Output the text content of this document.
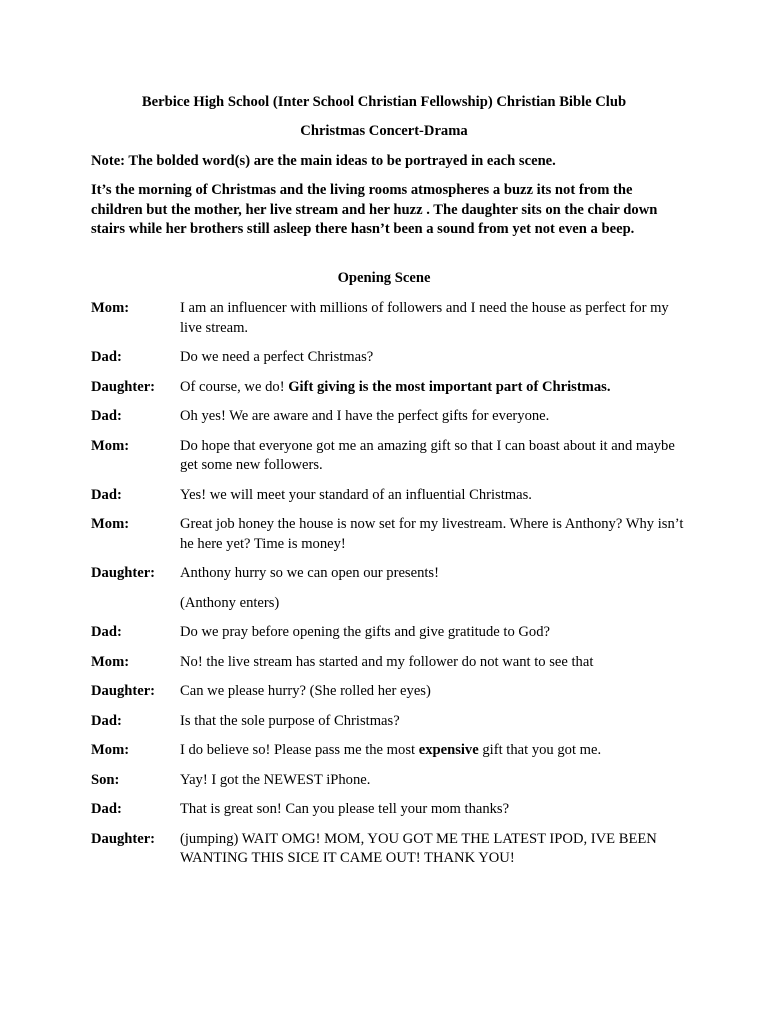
Berbice High School (Inter School Christian Fellowship) Christian Bible Club

Christmas Concert-Drama

Note: The bolded word(s) are the main ideas to be portrayed in each scene.

It’s the morning of Christmas and the living rooms atmospheres a buzz its not from the children but the mother, her live stream and her huzz . The daughter sits on the chair down stairs while her brothers still asleep there hasn’t been a sound from yet not even a beep.

Opening Scene

Mom:	I am an influencer with millions of followers and I need the house as perfect for my live stream.
Dad:	Do we need a perfect Christmas?
Daughter:	Of course, we do! Gift giving is the most important part of Christmas.
Dad:	Oh yes! We are aware and I have the perfect gifts for everyone.
Mom:	Do hope that everyone got me an amazing gift so that I can boast about it and maybe get some new followers.
Dad:	Yes! we will meet your standard of an influential Christmas.
Mom:	Great job honey the house is now set for my livestream. Where is Anthony? Why isn’t he here yet? Time is money!
Daughter:	Anthony hurry so we can open our presents!
(Anthony enters)
Dad:	Do we pray before opening the gifts and give gratitude to God?
Mom:	No! the live stream has started and my follower do not want to see that
Daughter:	Can we please hurry? (She rolled her eyes)
Dad:	Is that the sole purpose of Christmas?
Mom:	I do believe so! Please pass me the most expensive gift that you got me.
Son:	Yay! I got the NEWEST iPhone.
Dad:	That is great son! Can you please tell your mom thanks?
Daughter:	(jumping) WAIT OMG! MOM, YOU GOT ME THE LATEST IPOD, IVE BEEN WANTING THIS SICE IT CAME OUT! THANK YOU!
